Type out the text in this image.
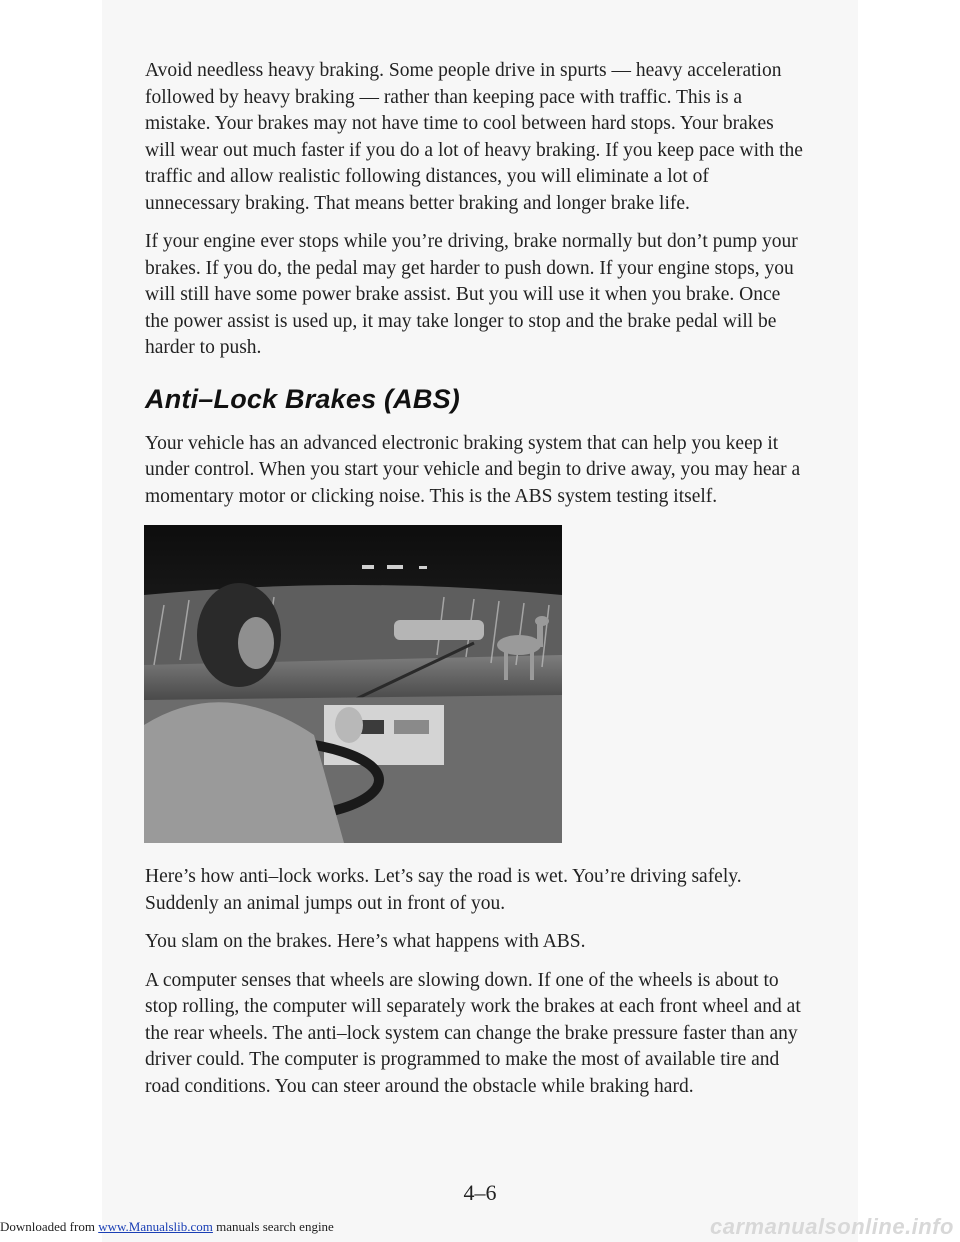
Avoid needless heavy braking. Some people drive in spurts — heavy acceleration followed by heavy braking — rather than keeping pace with traffic. This is a mistake. Your brakes may not have time to cool between hard stops. Your brakes will wear out much faster if you do a lot of heavy braking. If you keep pace with the traffic and allow realistic following distances, you will eliminate a lot of unnecessary braking. That means better braking and longer brake life.

If your engine ever stops while you’re driving, brake normally but don’t pump your brakes. If you do, the pedal may get harder to push down. If your engine stops, you will still have some power brake assist. But you will use it when you brake. Once the power assist is used up, it may take longer to stop and the brake pedal will be harder to push.

Anti–Lock Brakes (ABS)

Your vehicle has an advanced electronic braking system that can help you keep it under control. When you start your vehicle and begin to drive away, you may hear a momentary motor or clicking noise. This is the ABS system testing itself.

Here’s how anti–lock works. Let’s say the road is wet. You’re driving safely. Suddenly an animal jumps out in front of you.

You slam on the brakes. Here’s what happens with ABS.

A computer senses that wheels are slowing down. If one of the wheels is about to stop rolling, the computer will separately work the brakes at each front wheel and at the rear wheels. The anti–lock system can change the brake pressure faster than any driver could. The computer is programmed to make the most of available tire and road conditions. You can steer around the obstacle while braking hard.

4–6
Downloaded from www.Manualslib.com manuals search engine	carmanualsonline.info
